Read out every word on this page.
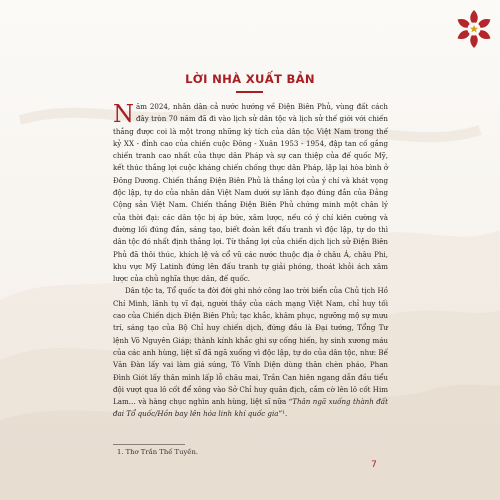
LỜI NHÀ XUẤT BẢN

Năm 2024, nhân dân cả nước hướng về Điện Biên Phủ, vùng đất cách đây tròn 70 năm đã đi vào lịch sử dân tộc và lịch sử thế giới với chiến thắng được coi là một trong những kỳ tích của dân tộc Việt Nam trong thế kỷ XX - đỉnh cao của chiến cuộc Đông - Xuân 1953 - 1954, đập tan cố gắng chiến tranh cao nhất của thực dân Pháp và sự can thiệp của đế quốc Mỹ, kết thúc thắng lợi cuộc kháng chiến chống thực dân Pháp, lập lại hòa bình ở Đông Dương. Chiến thắng Điện Biên Phủ là thắng lợi của ý chí và khát vọng độc lập, tự do của nhân dân Việt Nam dưới sự lãnh đạo đúng đắn của Đảng Cộng sản Việt Nam. Chiến thắng Điện Biên Phủ chứng minh một chân lý của thời đại: các dân tộc bị áp bức, xâm lược, nếu có ý chí kiên cường và đường lối đúng đắn, sáng tạo, biết đoàn kết đấu tranh vì độc lập, tự do thì dân tộc đó nhất định thắng lợi. Từ thắng lợi của chiến dịch lịch sử Điện Biên Phủ đã thôi thúc, khích lệ và cổ vũ các nước thuộc địa ở châu Á, châu Phi, khu vực Mỹ Latinh đứng lên đấu tranh tự giải phóng, thoát khỏi ách xâm lược của chủ nghĩa thực dân, đế quốc.

Dân tộc ta, Tổ quốc ta đời đời ghi nhớ công lao trời biển của Chủ tịch Hồ Chí Minh, lãnh tụ vĩ đại, người thầy của cách mạng Việt Nam, chỉ huy tối cao của Chiến dịch Điện Biên Phủ; tạc khắc, khâm phục, ngưỡng mộ sự mưu trí, sáng tạo của Bộ Chỉ huy chiến dịch, đứng đầu là Đại tướng, Tổng Tư lệnh Võ Nguyên Giáp; thành kính khắc ghi sự cống hiến, hy sinh xương máu của các anh hùng, liệt sĩ đã ngã xuống vì độc lập, tự do của dân tộc, như: Bế Văn Đàn lấy vai làm giá súng, Tô Vĩnh Diện dùng thân chèn pháo, Phan Đình Giót lấy thân mình lấp lỗ châu mai, Trần Can hiên ngang dẫn đầu tiểu đội vượt qua lô cốt để xông vào Sở Chỉ huy quân địch, cắm cờ lên lô cốt Him Lam… và hàng chục nghìn anh hùng, liệt sĩ nữa “Thân ngã xuống thành đất đai Tổ quốc/Hồn bay lên hóa linh khí quốc gia”¹.

1. Thơ Trần Thế Tuyền.
7
